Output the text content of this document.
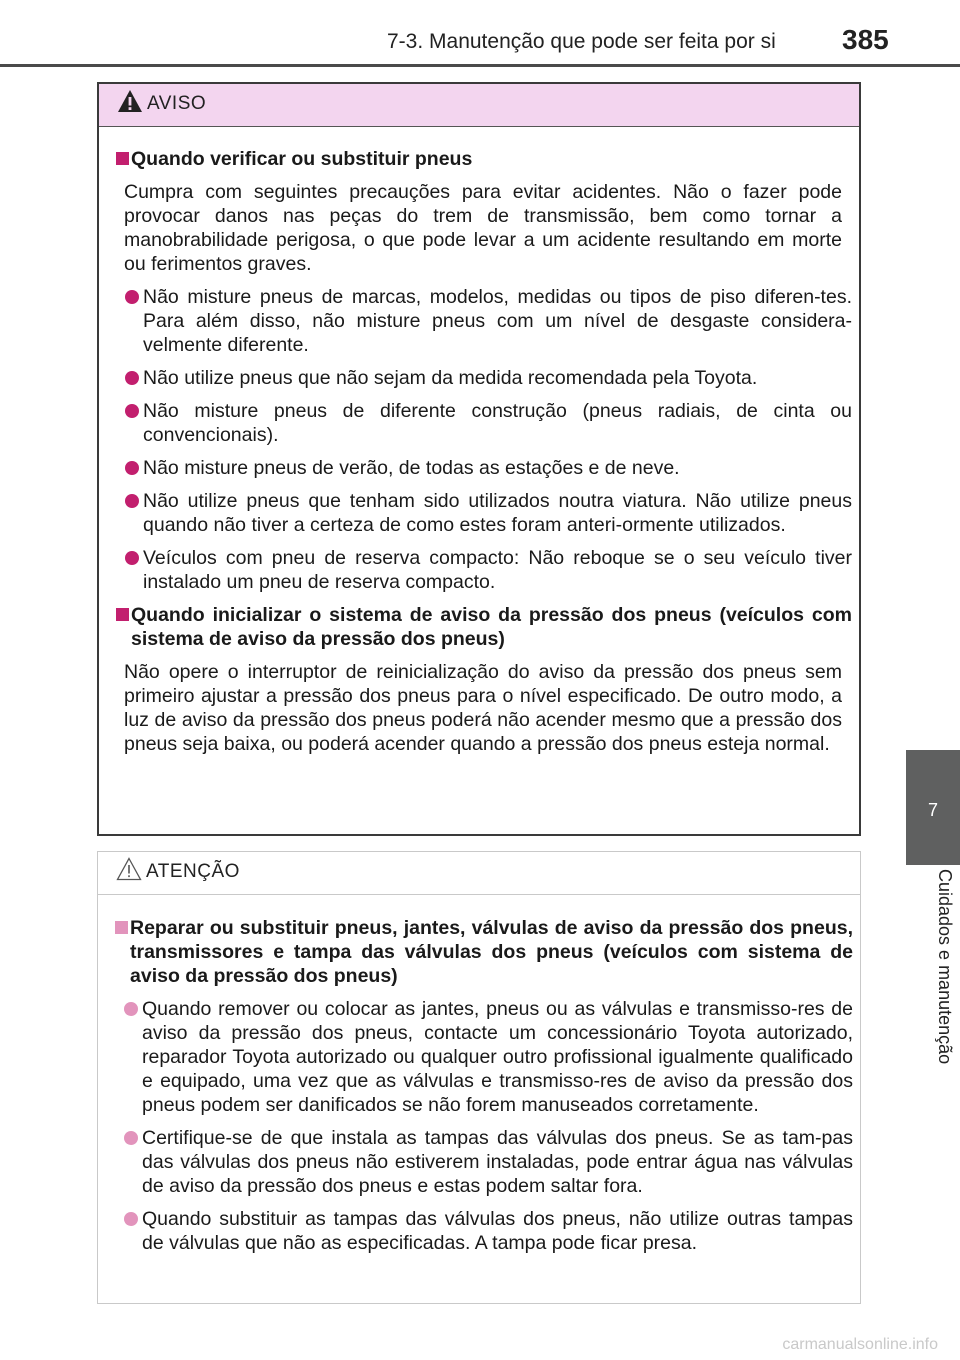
7-3. Manutenção que pode ser feita por si 385
7
Cuidados e manutenção
AVISO
Quando verificar ou substituir pneus
Cumpra com seguintes precauções para evitar acidentes. Não o fazer pode provocar danos nas peças do trem de transmissão, bem como tornar a manobrabilidade perigosa, o que pode levar a um acidente resultando em morte ou ferimentos graves.
Não misture pneus de marcas, modelos, medidas ou tipos de piso diferen-tes. Para além disso, não misture pneus com um nível de desgaste considera-velmente diferente.
Não utilize pneus que não sejam da medida recomendada pela Toyota.
Não misture pneus de diferente construção (pneus radiais, de cinta ou convencionais).
Não misture pneus de verão, de todas as estações e de neve.
Não utilize pneus que tenham sido utilizados noutra viatura. Não utilize pneus quando não tiver a certeza de como estes foram anteri-ormente utilizados.
Veículos com pneu de reserva compacto: Não reboque se o seu veículo tiver instalado um pneu de reserva compacto.
Quando inicializar o sistema de aviso da pressão dos pneus (veículos com sistema de aviso da pressão dos pneus)
Não opere o interruptor de reinicialização do aviso da pressão dos pneus sem primeiro ajustar a pressão dos pneus para o nível especificado. De outro modo, a luz de aviso da pressão dos pneus poderá não acender mesmo que a pressão dos pneus seja baixa, ou poderá acender quando a pressão dos pneus esteja normal.
ATENÇÃO
Reparar ou substituir pneus, jantes, válvulas de aviso da pressão dos pneus, transmissores e tampa das válvulas dos pneus (veículos com sistema de aviso da pressão dos pneus)
Quando remover ou colocar as jantes, pneus ou as válvulas e transmisso-res de aviso da pressão dos pneus, contacte um concessionário Toyota autorizado, reparador Toyota autorizado ou qualquer outro profissional igualmente qualificado e equipado, uma vez que as válvulas e transmisso-res de aviso da pressão dos pneus podem ser danificados se não forem manuseados corretamente.
Certifique-se de que instala as tampas das válvulas dos pneus. Se as tam-pas das válvulas dos pneus não estiverem instaladas, pode entrar água nas válvulas de aviso da pressão dos pneus e estas podem saltar fora.
Quando substituir as tampas das válvulas dos pneus, não utilize outras tampas de válvulas que não as especificadas. A tampa pode ficar presa.
carmanualsonline.info
